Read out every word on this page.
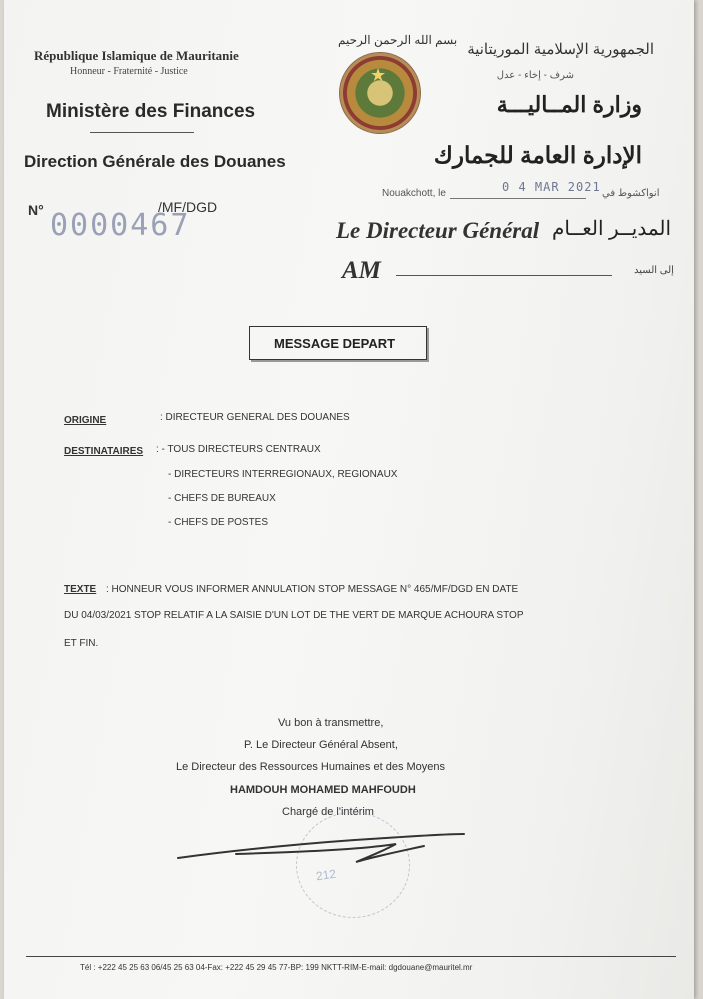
République Islamique de Mauritanie
Honneur - Fraternité - Justice
Ministère des Finances
Direction Générale des Douanes
N° 0000467
/MF/DGD
★
بسم الله الرحمن الرحيم
الجمهورية الإسلامية الموريتانية
شرف - إخاء - عدل
وزارة المــاليـــة
الإدارة العامة للجمارك
Nouakchott, le	0 4 MAR 2021 انواكشوط في
Le Directeur Général المديــر العــام
AM	إلى السيد
MESSAGE DEPART
ORIGINE	: DIRECTEUR GENERAL DES DOUANES
DESTINATAIRES : - TOUS DIRECTEURS CENTRAUX
- DIRECTEURS INTERREGIONAUX, REGIONAUX
- CHEFS DE BUREAUX
- CHEFS DE POSTES
TEXTE : HONNEUR VOUS INFORMER ANNULATION STOP MESSAGE N° 465/MF/DGD EN DATE
DU 04/03/2021 STOP RELATIF A LA SAISIE D'UN LOT DE THE VERT DE MARQUE ACHOURA STOP
ET FIN.
Vu bon à transmettre,
P. Le Directeur Général Absent,
Le Directeur des Ressources Humaines et des Moyens
HAMDOUH MOHAMED MAHFOUDH
Chargé de l'intérim
212
Tél : +222 45 25 63 06/45 25 63 04-Fax: +222 45 29 45 77-BP: 199 NKTT-RIM-E-mail: dgdouane@mauritel.mr
